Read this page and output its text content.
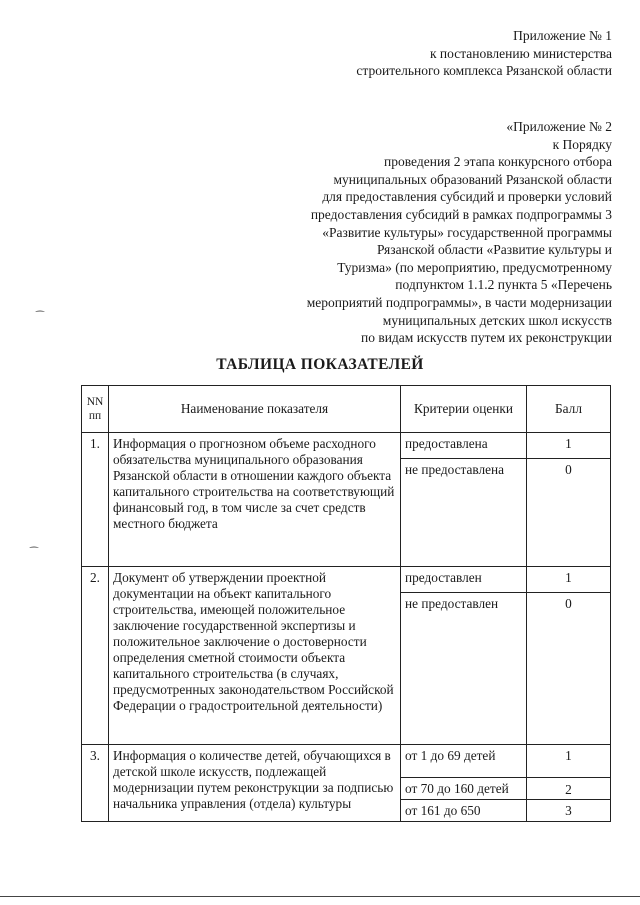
Приложение № 1
к постановлению министерства
строительного комплекса Рязанской области
«Приложение № 2
к Порядку
проведения 2 этапа конкурсного отбора
муниципальных образований Рязанской области
для предоставления субсидий и проверки условий
предоставления субсидий в рамках подпрограммы 3
«Развитие культуры» государственной программы
Рязанской области «Развитие культуры и
Туризма» (по мероприятию, предусмотренному
подпунктом 1.1.2 пункта 5 «Перечень
мероприятий подпрограммы», в части модернизации
муниципальных детских школ искусств
по видам искусств путем их реконструкции
⁀
⁀
ТАБЛИЦА ПОКАЗАТЕЛЕЙ
NN
пп	Наименование показателя	Критерии оценки	Балл
1.	Информация о прогнозном объеме расходного обязательства муниципального образования Рязанской области в отношении каждого объекта капитального строительства на соответствующий финансовый год, в том числе за счет средств местного бюджета	предоставлена	1
		не предоставлена	0
2.	Документ об утверждении проектной документации на объект капитального строительства, имеющей положительное заключение государственной экспертизы и положительное заключение о достоверности определения сметной стоимости объекта капитального строительства (в случаях, предусмотренных законодательством Российской Федерации о градостроительной деятельности)	предоставлен	1
		не предоставлен	0
3.	Информация о количестве детей, обучающихся в детской школе искусств, подлежащей модернизации путем реконструкции за подписью начальника управления (отдела) культуры	от 1 до 69 детей	1
		от 70 до 160 детей	2
		от 161 до 650	3
